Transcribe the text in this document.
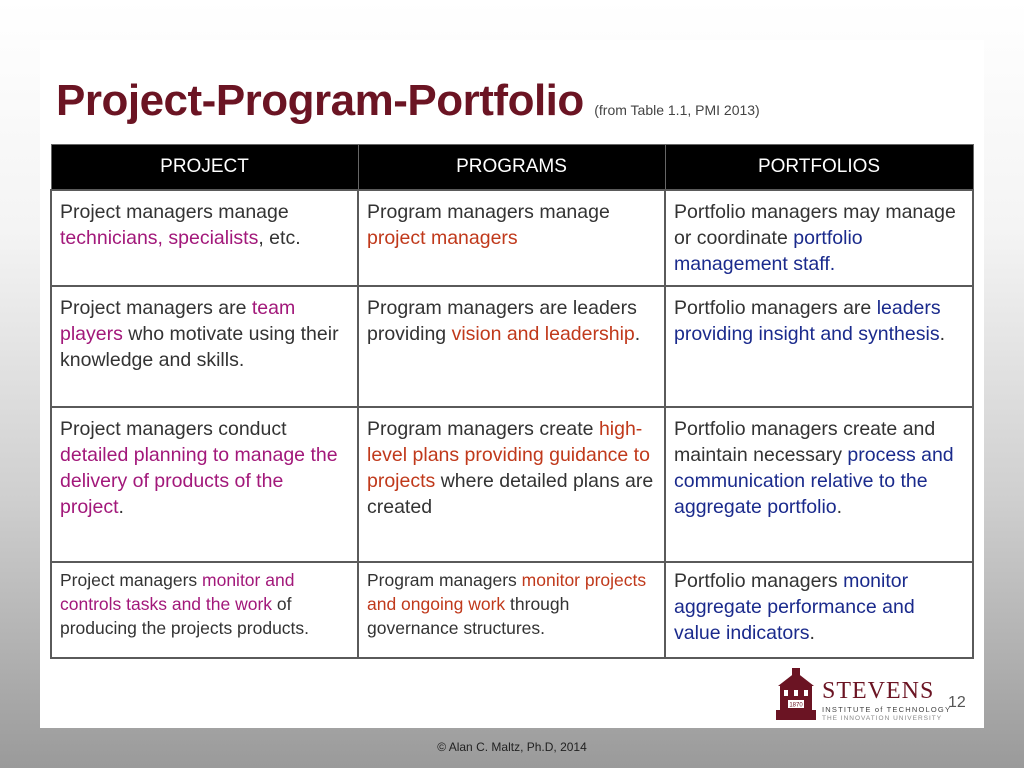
Project-Program-Portfolio (from Table 1.1, PMI 2013)
PROJECT	PROGRAMS	PORTFOLIOS
Project managers manage technicians, specialists, etc.	Program managers manage project managers	Portfolio managers may manage or coordinate portfolio management staff.
Project managers are team players who motivate using their knowledge and skills.	Program managers are leaders providing vision and leadership.	Portfolio managers are leaders providing insight and synthesis.
Project managers conduct detailed planning to manage the delivery of products of the project.	Program managers create high-level plans providing guidance to projects where detailed plans are created	Portfolio managers create and maintain necessary process and communication relative to the aggregate portfolio.
Project managers monitor and controls tasks and the work of producing the projects products.	Program managers monitor projects and ongoing work through governance structures.	Portfolio managers monitor aggregate performance and value indicators.
1870
STEVENS
INSTITUTE of TECHNOLOGY
THE INNOVATION UNIVERSITY
12
© Alan C. Maltz, Ph.D, 2014
